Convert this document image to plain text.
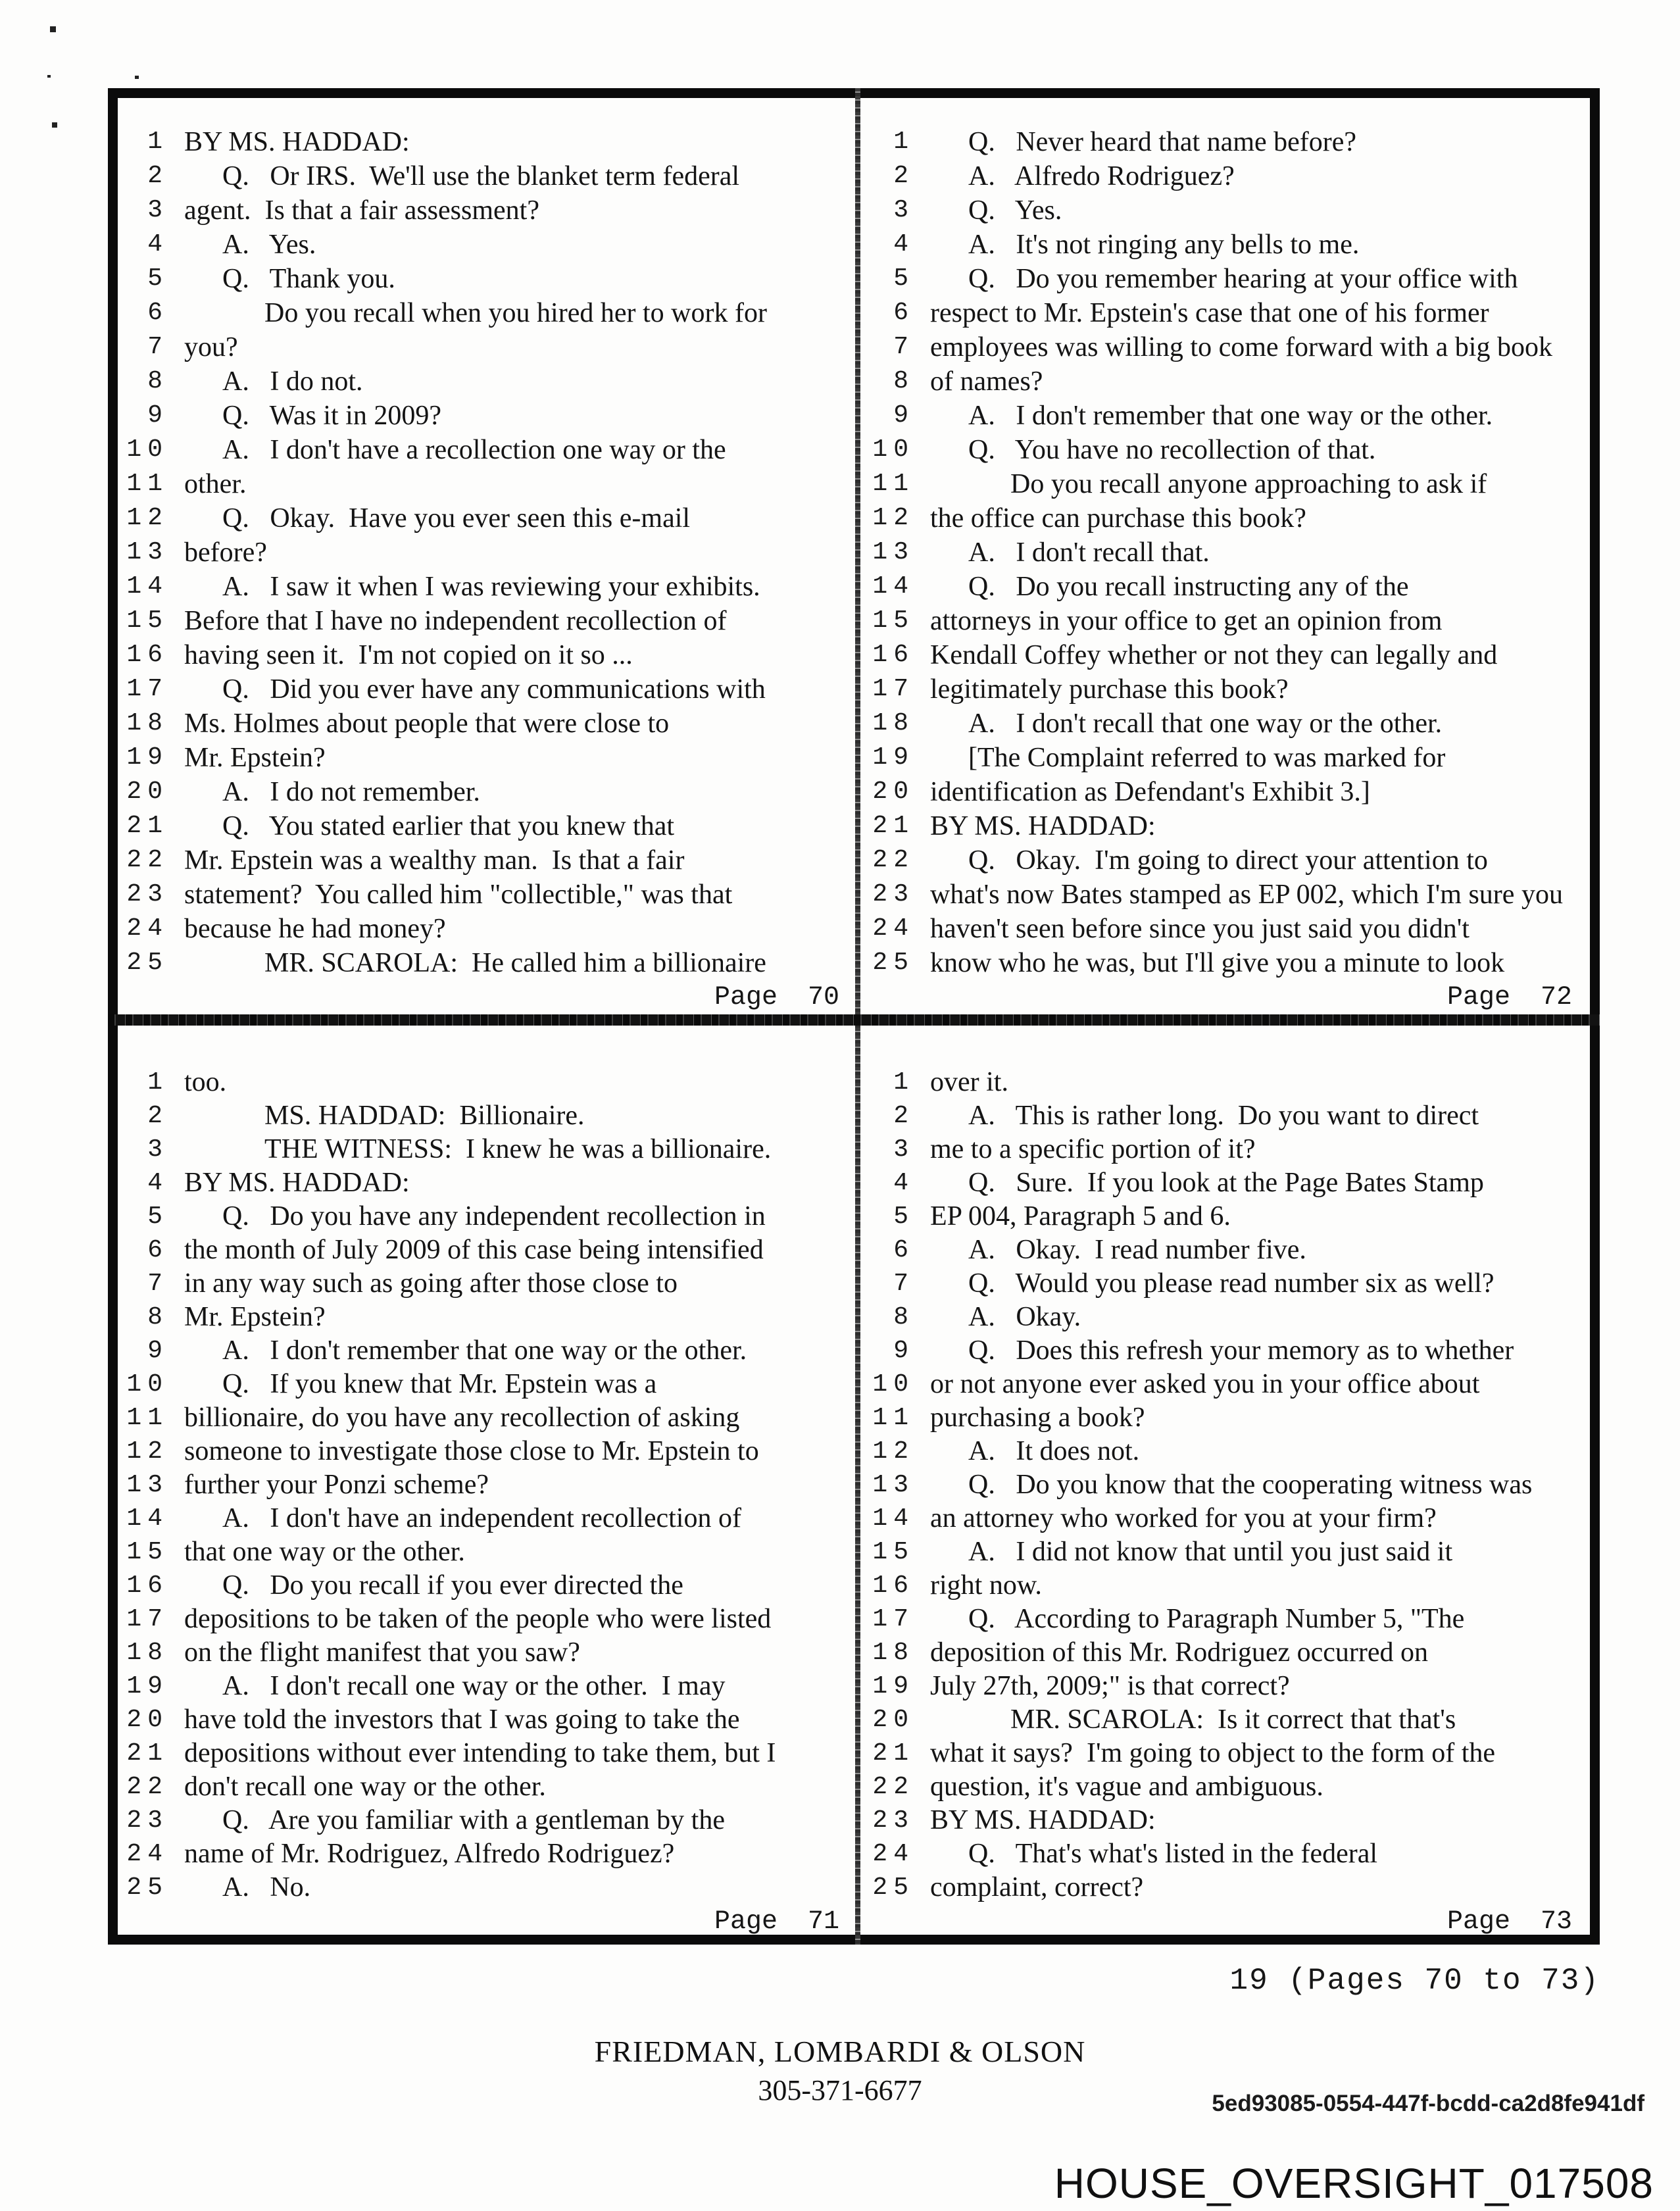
1 BY MS. HADDAD:
2	Q.   Or IRS.  We'll use the blanket term federal
3 agent.  Is that a fair assessment?
4	A.   Yes.
5	Q.   Thank you.
6	Do you recall when you hired her to work for
7 you?
8	A.   I do not.
9	Q.   Was it in 2009?
10	A.   I don't have a recollection one way or the
11 other.
12	Q.   Okay.  Have you ever seen this e-mail
13 before?
14	A.   I saw it when I was reviewing your exhibits.
15 Before that I have no independent recollection of
16 having seen it.  I'm not copied on it so ...
17	Q.   Did you ever have any communications with
18 Ms. Holmes about people that were close to
19 Mr. Epstein?
20	A.   I do not remember.
21	Q.   You stated earlier that you knew that
22 Mr. Epstein was a wealthy man.  Is that a fair
23 statement?  You called him "collectible," was that
24 because he had money?
25	MR. SCAROLA:  He called him a billionaire
Page 70
1	Q.   Never heard that name before?
2	A.   Alfredo Rodriguez?
3	Q.   Yes.
4	A.   It's not ringing any bells to me.
5	Q.   Do you remember hearing at your office with
6 respect to Mr. Epstein's case that one of his former
7 employees was willing to come forward with a big book
8 of names?
9	A.   I don't remember that one way or the other.
10	Q.   You have no recollection of that.
11	Do you recall anyone approaching to ask if
12 the office can purchase this book?
13	A.   I don't recall that.
14	Q.   Do you recall instructing any of the
15 attorneys in your office to get an opinion from
16 Kendall Coffey whether or not they can legally and
17 legitimately purchase this book?
18	A.   I don't recall that one way or the other.
19	[The Complaint referred to was marked for
20 identification as Defendant's Exhibit 3.]
21 BY MS. HADDAD:
22	Q.   Okay.  I'm going to direct your attention to
23 what's now Bates stamped as EP 002, which I'm sure you
24 haven't seen before since you just said you didn't
25 know who he was, but I'll give you a minute to look
Page 72
1 too.
2	MS. HADDAD:  Billionaire.
3	THE WITNESS:  I knew he was a billionaire.
4 BY MS. HADDAD:
5	Q.   Do you have any independent recollection in
6 the month of July 2009 of this case being intensified
7 in any way such as going after those close to
8 Mr. Epstein?
9	A.   I don't remember that one way or the other.
10	Q.   If you knew that Mr. Epstein was a
11 billionaire, do you have any recollection of asking
12 someone to investigate those close to Mr. Epstein to
13 further your Ponzi scheme?
14	A.   I don't have an independent recollection of
15 that one way or the other.
16	Q.   Do you recall if you ever directed the
17 depositions to be taken of the people who were listed
18 on the flight manifest that you saw?
19	A.   I don't recall one way or the other.  I may
20 have told the investors that I was going to take the
21 depositions without ever intending to take them, but I
22 don't recall one way or the other.
23	Q.   Are you familiar with a gentleman by the
24 name of Mr. Rodriguez, Alfredo Rodriguez?
25	A.   No.
Page 71
1 over it.
2	A.   This is rather long.  Do you want to direct
3 me to a specific portion of it?
4	Q.   Sure.  If you look at the Page Bates Stamp
5 EP 004, Paragraph 5 and 6.
6	A.   Okay.  I read number five.
7	Q.   Would you please read number six as well?
8	A.   Okay.
9	Q.   Does this refresh your memory as to whether
10 or not anyone ever asked you in your office about
11 purchasing a book?
12	A.   It does not.
13	Q.   Do you know that the cooperating witness was
14 an attorney who worked for you at your firm?
15	A.   I did not know that until you just said it
16 right now.
17	Q.   According to Paragraph Number 5, "The
18 deposition of this Mr. Rodriguez occurred on
19 July 27th, 2009;" is that correct?
20	MR. SCAROLA:  Is it correct that that's
21 what it says?  I'm going to object to the form of the
22 question, it's vague and ambiguous.
23 BY MS. HADDAD:
24	Q.   That's what's listed in the federal
25 complaint, correct?
Page 73
19 (Pages 70 to 73)
FRIEDMAN, LOMBARDI & OLSON
305-371-6677	5ed93085-0554-447f-bcdd-ca2d8fe941df
HOUSE_OVERSIGHT_017508
